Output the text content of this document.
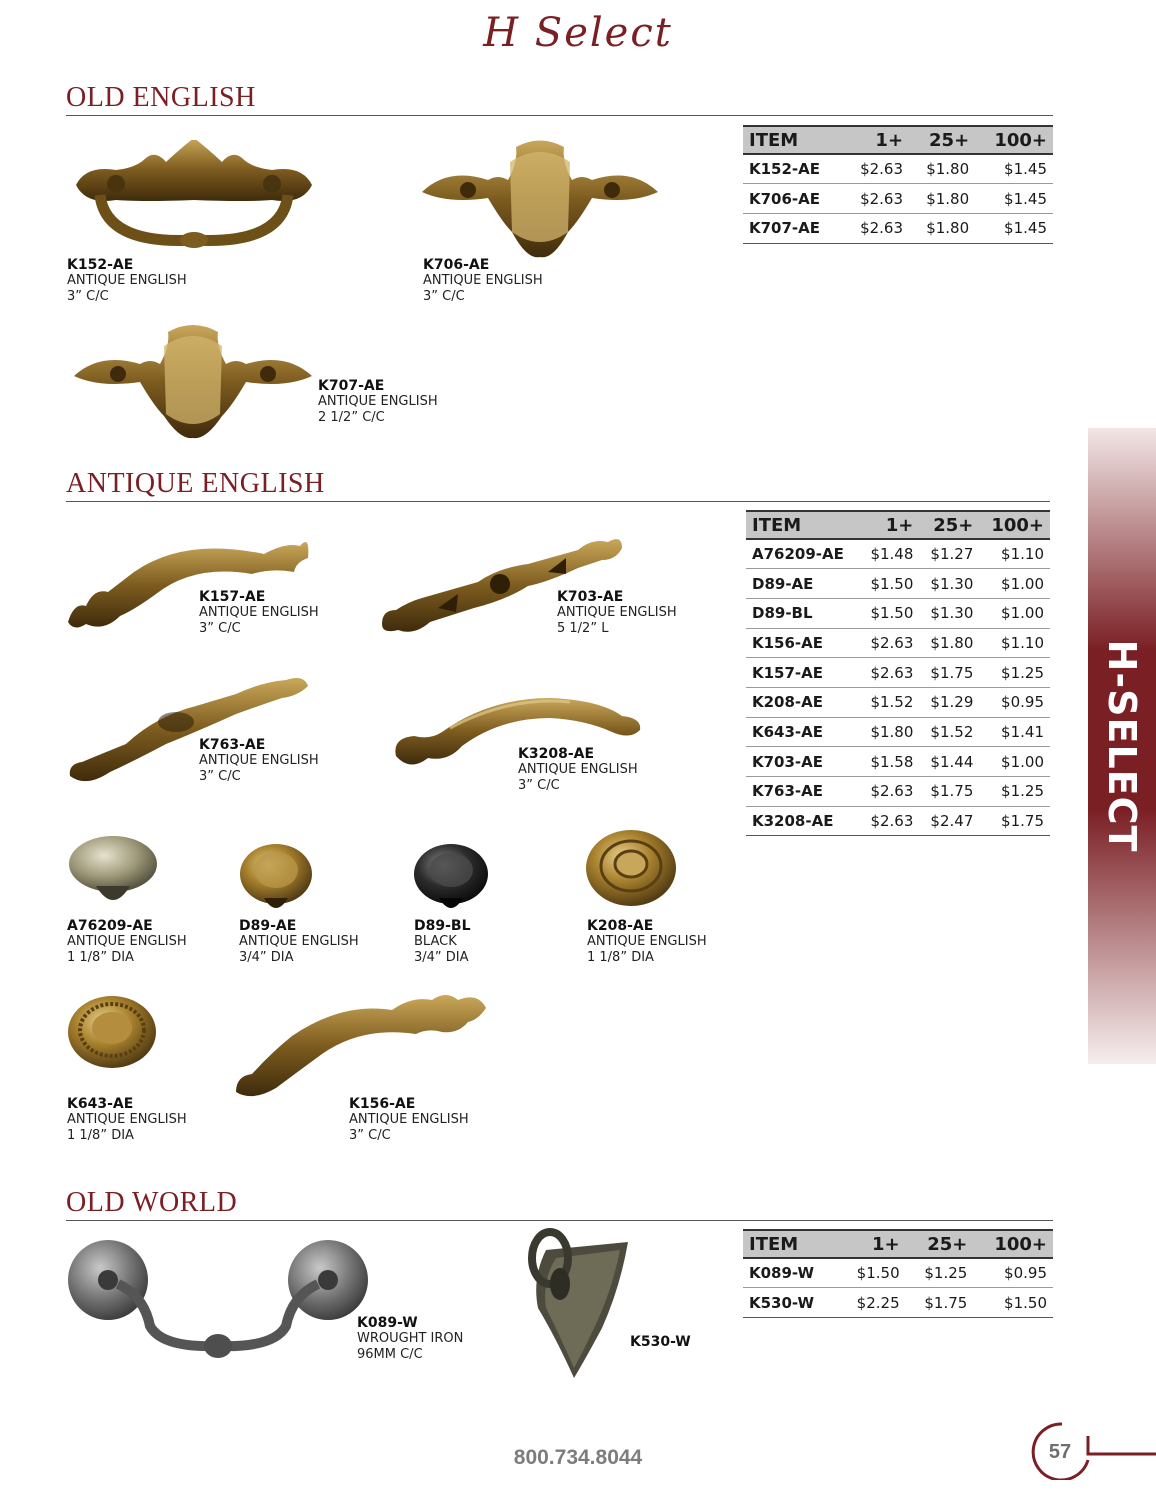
H Select
OLD ENGLISH
K152-AE
ANTIQUE ENGLISH
3” C/C
K706-AE
ANTIQUE ENGLISH
3” C/C
K707-AE
ANTIQUE ENGLISH
2 1/2” C/C
ITEM	1+	25+	100+
K152-AE	$2.63	$1.80	$1.45
K706-AE	$2.63	$1.80	$1.45
K707-AE	$2.63	$1.80	$1.45
ANTIQUE ENGLISH
K157-AE
ANTIQUE ENGLISH
3” C/C
K703-AE
ANTIQUE ENGLISH
5 1/2” L
K763-AE
ANTIQUE ENGLISH
3” C/C
K3208-AE
ANTIQUE ENGLISH
3” C/C
A76209-AE
ANTIQUE ENGLISH
1 1/8” DIA
D89-AE
ANTIQUE ENGLISH
3/4” DIA
D89-BL
BLACK
3/4” DIA
K208-AE
ANTIQUE ENGLISH
1 1/8” DIA
K643-AE
ANTIQUE ENGLISH
1 1/8” DIA
K156-AE
ANTIQUE ENGLISH
3” C/C
ITEM	1+	25+	100+
A76209-AE	$1.48	$1.27	$1.10
D89-AE	$1.50	$1.30	$1.00
D89-BL	$1.50	$1.30	$1.00
K156-AE	$2.63	$1.80	$1.10
K157-AE	$2.63	$1.75	$1.25
K208-AE	$1.52	$1.29	$0.95
K643-AE	$1.80	$1.52	$1.41
K703-AE	$1.58	$1.44	$1.00
K763-AE	$2.63	$1.75	$1.25
K3208-AE	$2.63	$2.47	$1.75
OLD WORLD
K089-W
WROUGHT IRON
96MM C/C
K530-W
ITEM	1+	25+	100+
K089-W	$1.50	$1.25	$0.95
K530-W	$2.25	$1.75	$1.50
H-SELECT
800.734.8044	57
